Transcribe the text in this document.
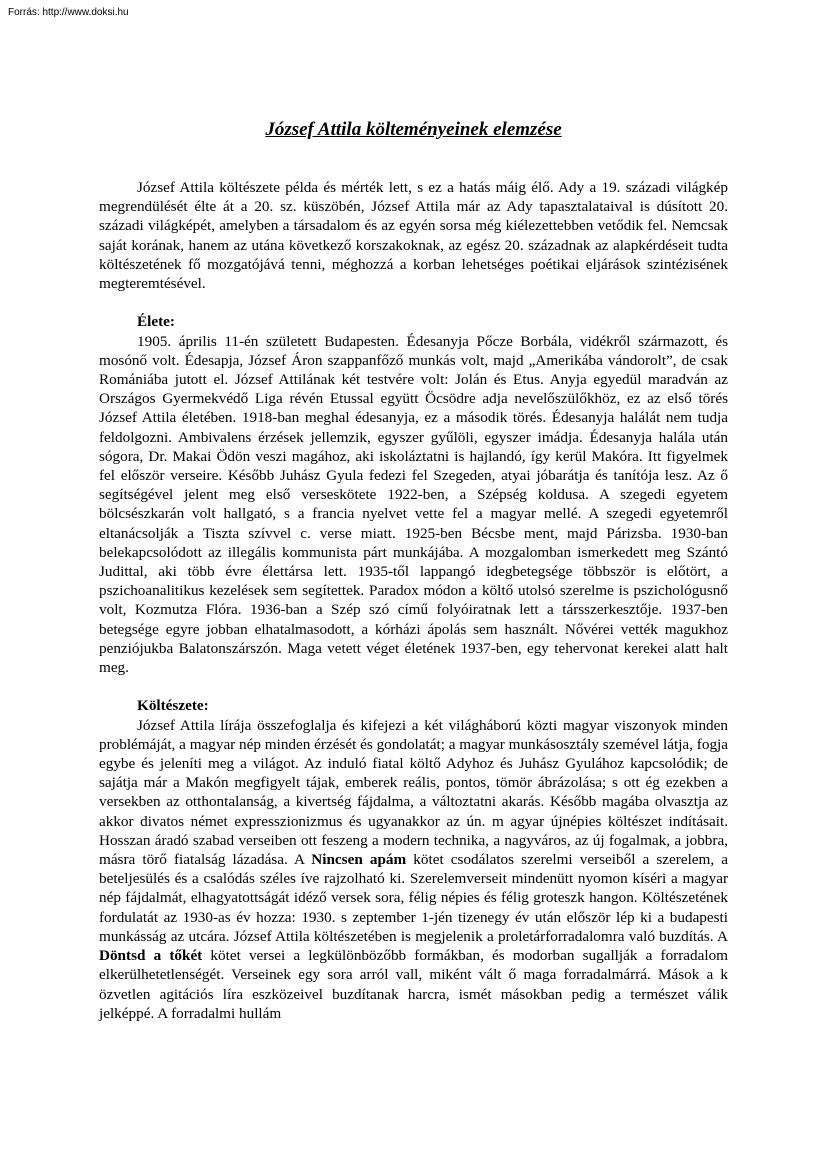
Forrás: http://www.doksi.hu
József Attila költeményeinek elemzése

József Attila költészete példa és mérték lett, s ez a hatás máig élő. Ady a 19. századi világkép megrendülését élte át a 20. sz. küszöbén, József Attila már az Ady tapasztalataival is dúsított 20. századi világképét, amelyben a társadalom és az egyén sorsa még kiélezettebben vetődik fel. Nemcsak saját korának, hanem az utána következő korszakoknak, az egész 20. századnak az alapkérdéseit tudta költészetének fő mozgatójává tenni, méghozzá a korban lehetséges poétikai eljárások szintézisének megteremtésével.

Élete:

1905. április 11-én született Budapesten. Édesanyja Pőcze Borbála, vidékről származott, és mosónő volt. Édesapja, József Áron szappanfőző munkás volt, majd „Amerikába vándorolt”, de csak Romániába jutott el. József Attilának két testvére volt: Jolán és Etus. Anyja egyedül maradván az Országos Gyermekvédő Liga révén Etussal együtt Öcsödre adja nevelőszülőkhöz, ez az első törés József Attila életében. 1918-ban meghal édesanyja, ez a második törés. Édesanyja halálát nem tudja feldolgozni. Ambivalens érzések jellemzik, egyszer gyűlöli, egyszer imádja. Édesanyja halála után sógora, Dr. Makai Ödön veszi magához, aki iskoláztatni is hajlandó, így kerül Makóra. Itt figyelmek fel először verseire. Később Juhász Gyula fedezi fel Szegeden, atyai jóbarátja és tanítója lesz. Az ő segítségével jelent meg első verseskötete 1922-ben, a Szépség koldusa. A szegedi egyetem bölcsészkarán volt hallgató, s a francia nyelvet vette fel a magyar mellé. A szegedi egyetemről eltanácsolják a Tiszta szívvel c. verse miatt. 1925-ben Bécsbe ment, majd Párizsba. 1930-ban belekapcsolódott az illegális kommunista párt munkájába. A mozgalomban ismerkedett meg Szántó Judittal, aki több évre élettársa lett. 1935-től lappangó idegbetegsége többször is előtört, a pszichoanalitikus kezelések sem segítettek. Paradox módon a költő utolsó szerelme is pszichológusnő volt, Kozmutza Flóra. 1936-ban a Szép szó című folyóiratnak lett a társszerkesztője. 1937-ben betegsége egyre jobban elhatalmasodott, a kórházi ápolás sem használt. Nővérei vették magukhoz penziójukba Balatonszárszón. Maga vetett véget életének 1937-ben, egy tehervonat kerekei alatt halt meg.

Költészete:

József Attila lírája összefoglalja és kifejezi a két világháború közti magyar viszonyok minden problémáját, a magyar nép minden érzését és gondolatát; a magyar munkásosztály szemével látja, fogja egybe és jeleníti meg a világot. Az induló fiatal költő Adyhoz és Juhász Gyulához kapcsolódik; de sajátja már a Makón megfigyelt tájak, emberek reális, pontos, tömör ábrázolása; s ott ég ezekben a versekben az otthontalanság, a kivertség fájdalma, a változtatni akarás. Később magába olvasztja az akkor divatos német expresszionizmus és ugyanakkor az ún. m agyar újnépies költészet indításait. Hosszan áradó szabad verseiben ott feszeng a modern technika, a nagyváros, az új fogalmak, a jobbra, másra törő fiatalság lázadása. A Nincsen apám kötet csodálatos szerelmi verseiből a szerelem, a beteljesülés és a csalódás széles íve rajzolható ki. Szerelemverseit mindenütt nyomon kíséri a magyar nép fájdalmát, elhagyatottságát idéző versek sora, félig népies és félig groteszk hangon. Költészetének fordulatát az 1930-as év hozza: 1930. s zeptember 1-jén tizenegy év után először lép ki a budapesti munkásság az utcára. József Attila költészetében is megjelenik a proletárforradalomra való buzdítás. A Döntsd a tőkét kötet versei a legkülönbözőbb formákban, és modorban sugallják a forradalom elkerülhetetlenségét. Verseinek egy sora arról vall, miként vált ő maga forradalmárrá. Mások a k özvetlen agitációs líra eszközeivel buzdítanak harcra, ismét másokban pedig a természet válik jelképpé. A forradalmi hullám
